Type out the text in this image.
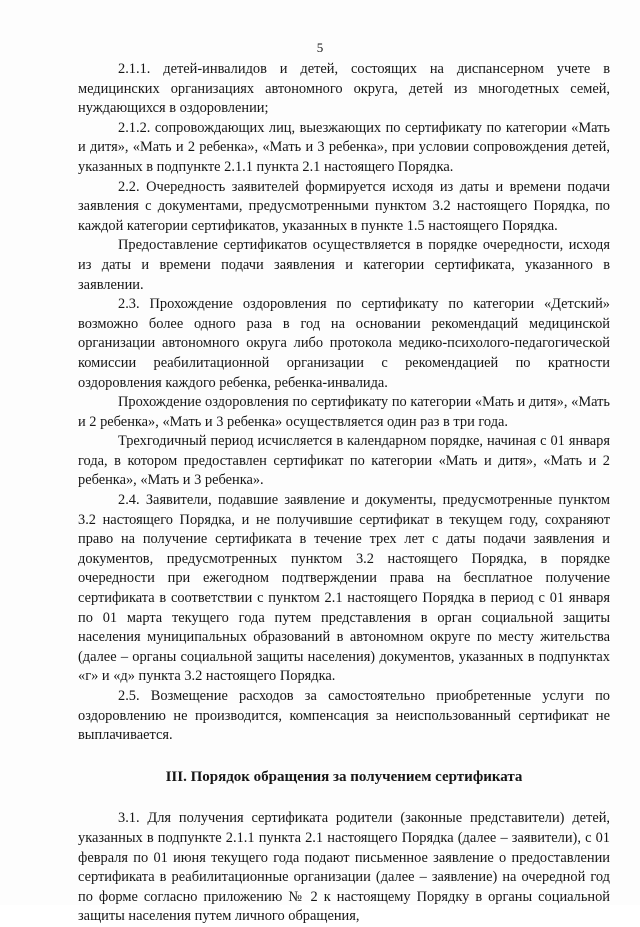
5

2.1.1. детей-инвалидов и детей, состоящих на диспансерном учете в медицинских организациях автономного округа, детей из многодетных семей, нуждающихся в оздоровлении;

2.1.2. сопровождающих лиц, выезжающих по сертификату по категории «Мать и дитя», «Мать и 2 ребенка», «Мать и 3 ребенка», при условии сопровождения детей, указанных в подпункте 2.1.1 пункта 2.1 настоящего Порядка.

2.2. Очередность заявителей формируется исходя из даты и времени подачи заявления с документами, предусмотренными пунктом 3.2 настоящего Порядка, по каждой категории сертификатов, указанных в пункте 1.5 настоящего Порядка.

Предоставление сертификатов осуществляется в порядке очередности, исходя из даты и времени подачи заявления и категории сертификата, указанного в заявлении.

2.3. Прохождение оздоровления по сертификату по категории «Детский» возможно более одного раза в год на основании рекомендаций медицинской организации автономного округа либо протокола медико-психолого-педагогической комиссии реабилитационной организации с рекомендацией по кратности оздоровления каждого ребенка, ребенка-инвалида.

Прохождение оздоровления по сертификату по категории «Мать и дитя», «Мать и 2 ребенка», «Мать и 3 ребенка» осуществляется один раз в три года.

Трехгодичный период исчисляется в календарном порядке, начиная с 01 января года, в котором предоставлен сертификат по категории «Мать и дитя», «Мать и 2 ребенка», «Мать и 3 ребенка».

2.4. Заявители, подавшие заявление и документы, предусмотренные пунктом 3.2 настоящего Порядка, и не получившие сертификат в текущем году, сохраняют право на получение сертификата в течение трех лет с даты подачи заявления и документов, предусмотренных пунктом 3.2 настоящего Порядка, в порядке очередности при ежегодном подтверждении права на бесплатное получение сертификата в соответствии с пунктом 2.1 настоящего Порядка в период с 01 января по 01 марта текущего года путем представления в орган социальной защиты населения муниципальных образований в автономном округе по месту жительства (далее – органы социальной защиты населения) документов, указанных в подпунктах «г» и «д» пункта 3.2 настоящего Порядка.

2.5. Возмещение расходов за самостоятельно приобретенные услуги по оздоровлению не производится, компенсация за неиспользованный сертификат не выплачивается.

III. Порядок обращения за получением сертификата

3.1. Для получения сертификата родители (законные представители) детей, указанных в подпункте 2.1.1 пункта 2.1 настоящего Порядка (далее – заявители), с 01 февраля по 01 июня текущего года подают письменное заявление о предоставлении сертификата в реабилитационные организации (далее – заявление) на очередной год по форме согласно приложению № 2 к настоящему Порядку в органы социальной защиты населения путем личного обращения,
